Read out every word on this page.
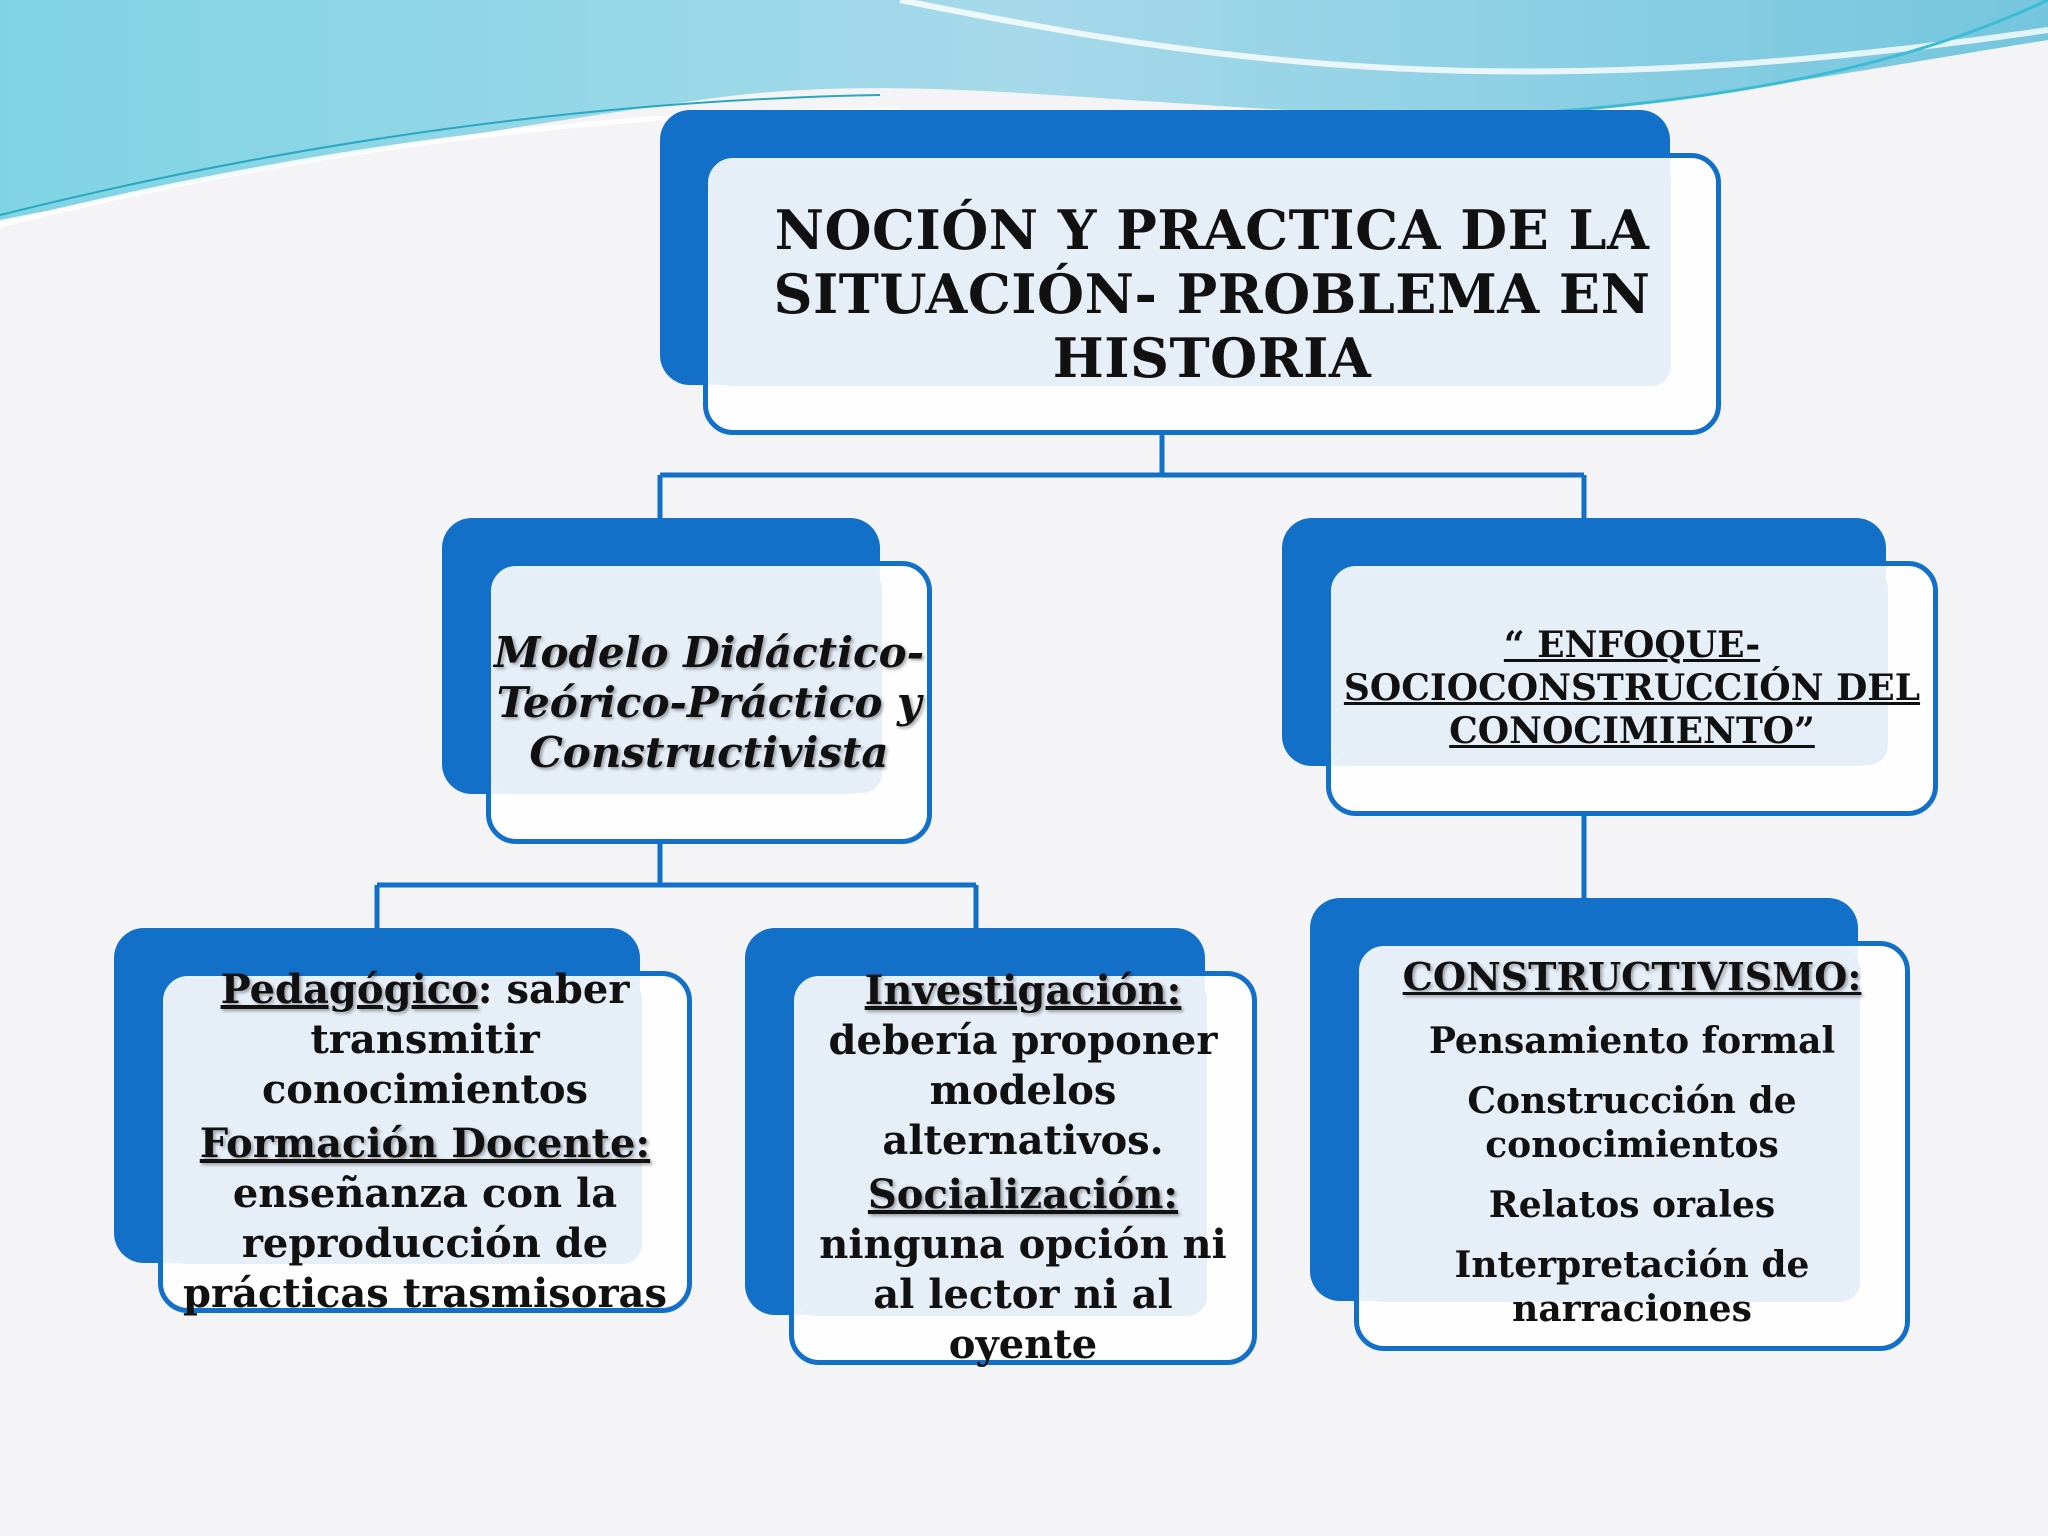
NOCIÓN Y PRACTICA DE LA
SITUACIÓN- PROBLEMA EN
HISTORIA
Modelo Didáctico-
Teórico-Práctico y
Constructivista
“ ENFOQUE-
SOCIOCONSTRUCCIÓN DEL
CONOCIMIENTO”
Pedagógico: saber transmitir conocimientos
Formación Docente:
enseñanza con la reproducción de prácticas trasmisoras
Investigación:
debería proponer modelos alternativos.
Socialización:
ninguna opción ni al lector ni al oyente
CONSTRUCTIVISMO:
Pensamiento formal
Construcción de conocimientos
Relatos orales
Interpretación de narraciones
